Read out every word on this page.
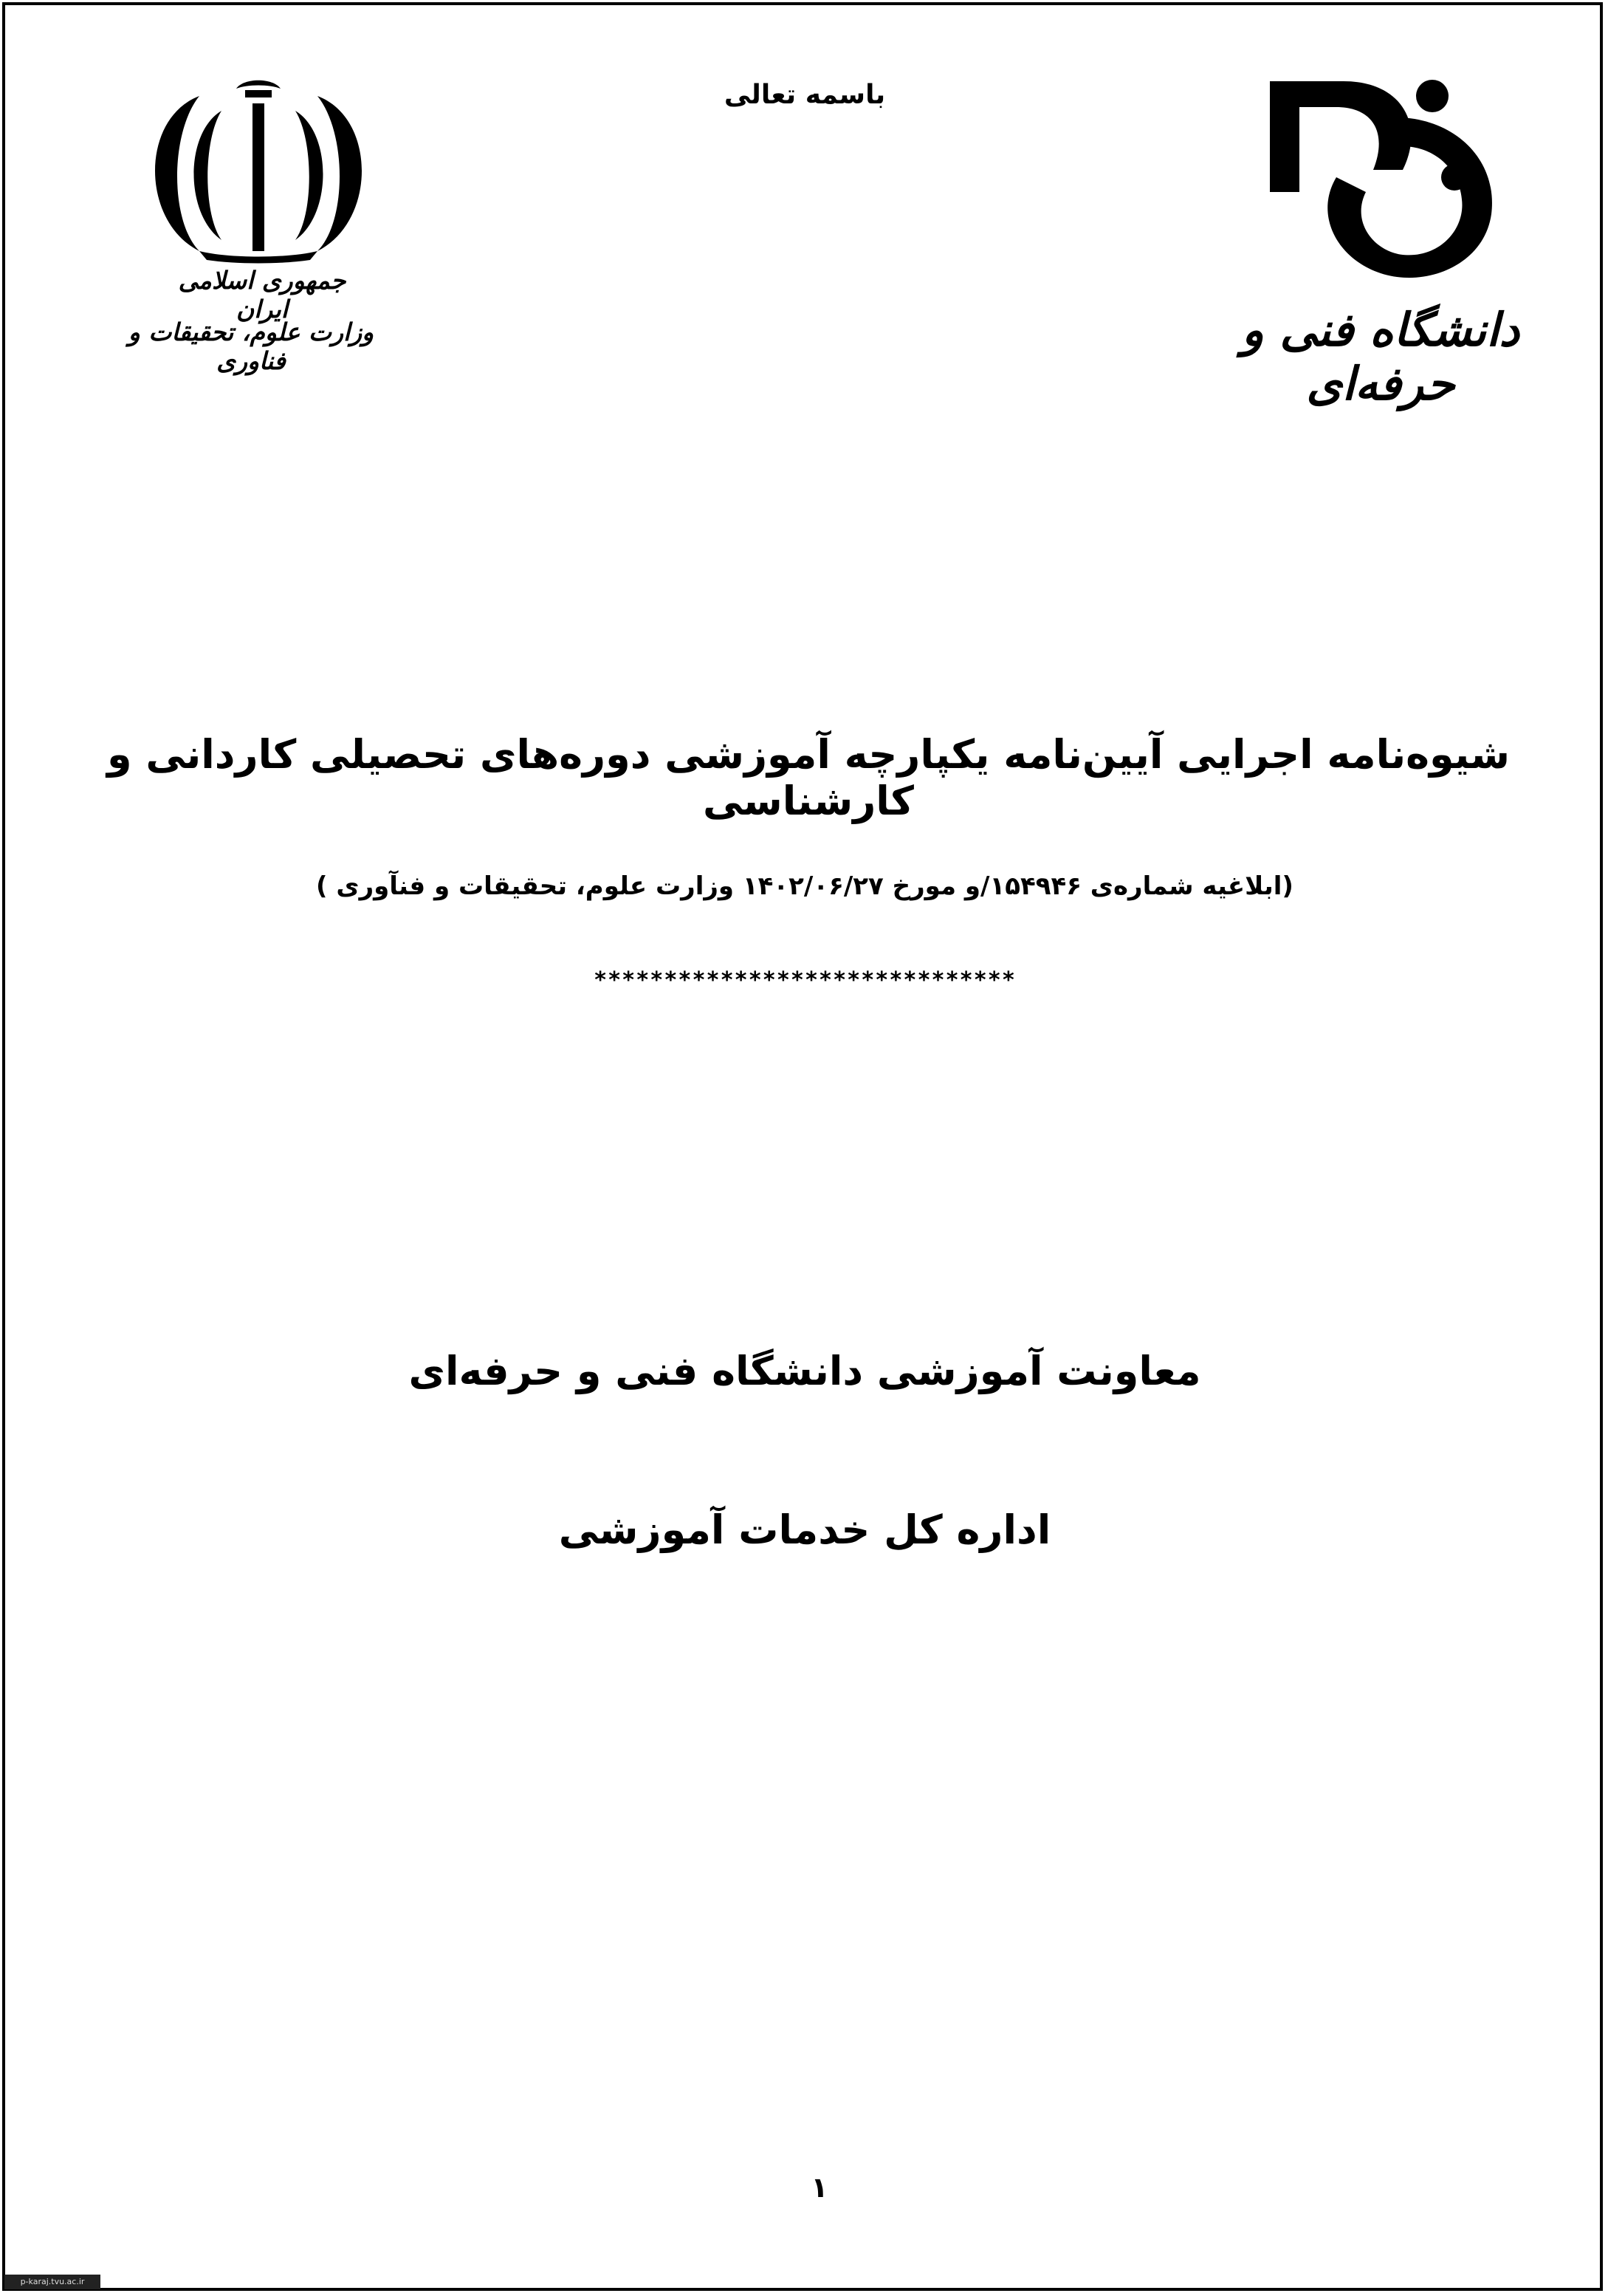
باسمه تعالی
جمهوری اسلامی ایران
وزارت علوم، تحقیقات و فناوری
دانشگاه فنی و حرفه‌ای
شیوه‌نامه اجرایی آیین‌نامه یکپارچه آموزشی دوره‌های تحصیلی کاردانی و کارشناسی
(ابلاغیه شماره‌ی ۱۵۴۹۴۶/و مورخ ۱۴۰۲/۰۶/۲۷ وزارت علوم، تحقیقات و فنآوری )
******************************
معاونت آموزشی دانشگاه فنی و حرفه‌ای
اداره کل خدمات آموزشی
۱
p-karaj.tvu.ac.ir
